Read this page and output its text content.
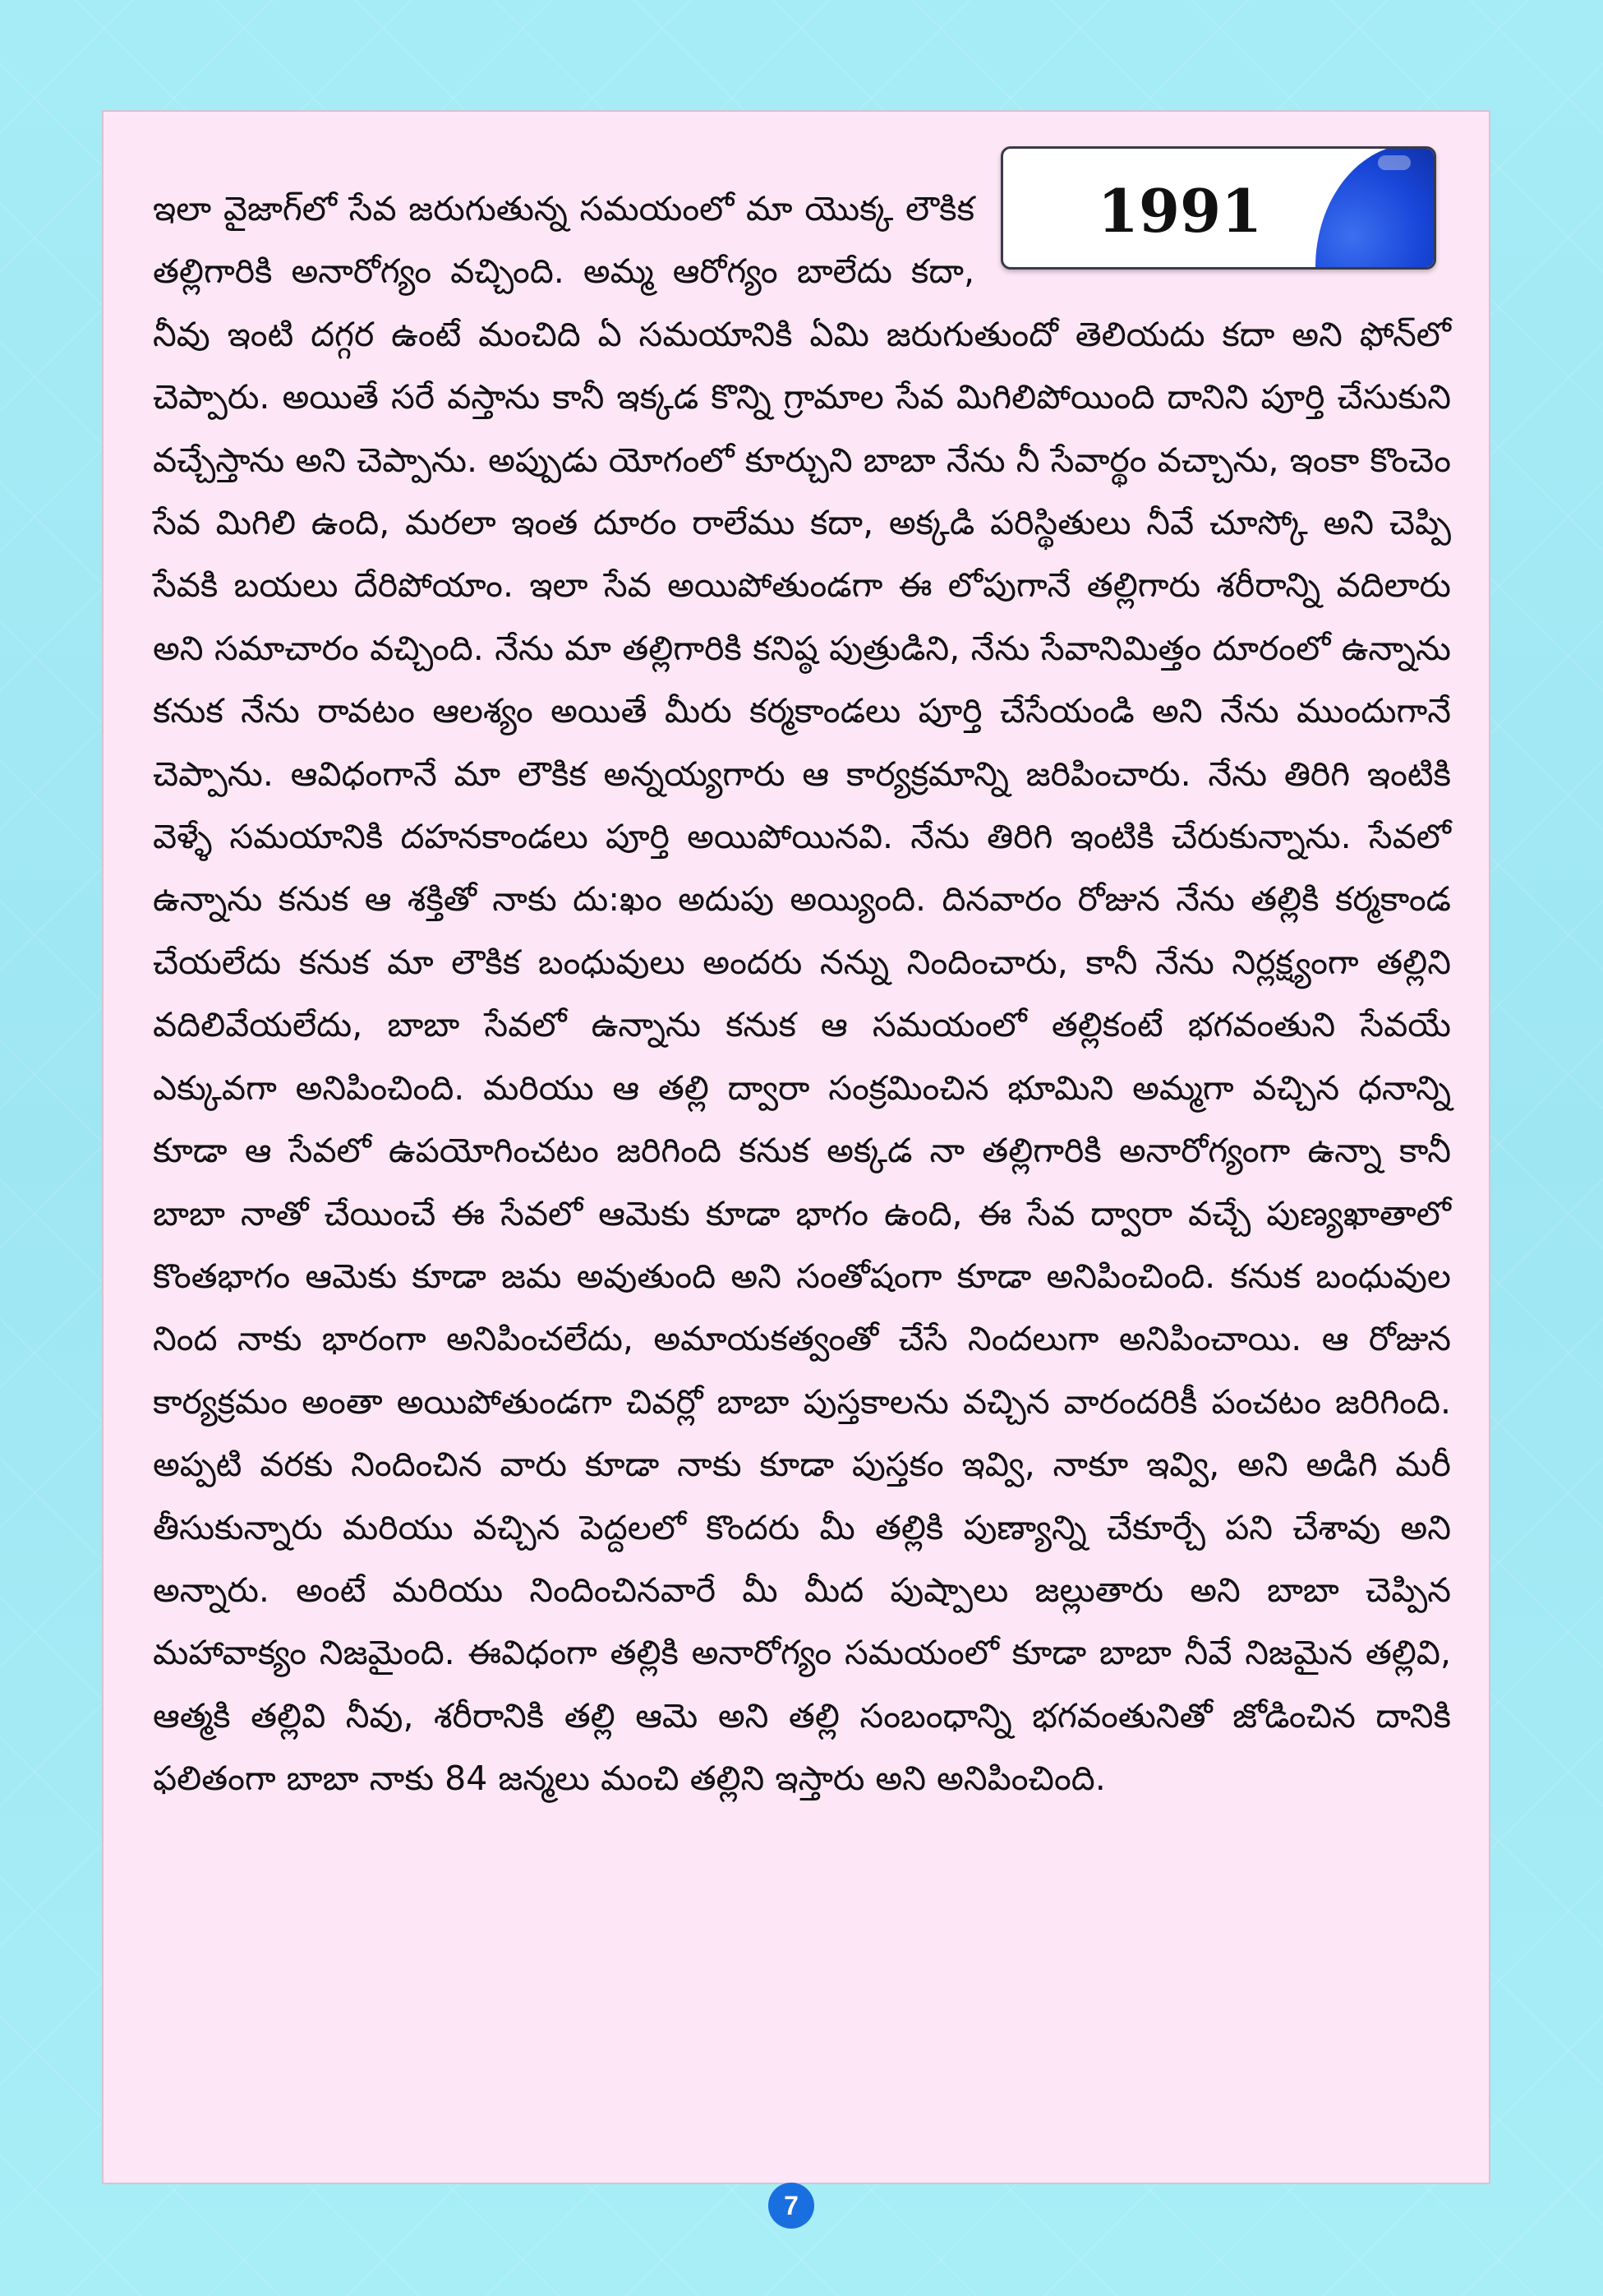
1991

ఇలా వైజాగ్‌లో సేవ జరుగుతున్న సమయంలో మా యొక్క లౌకిక తల్లిగారికి అనారోగ్యం వచ్చింది. అమ్మ ఆరోగ్యం బాలేదు కదా, నీవు ఇంటి దగ్గర ఉంటే మంచిది ఏ సమయానికి ఏమి జరుగుతుందో తెలియదు కదా అని ఫోన్‌లో చెప్పారు. అయితే సరే వస్తాను కానీ ఇక్కడ కొన్ని గ్రామాల సేవ మిగిలిపోయింది దానిని పూర్తి చేసుకుని వచ్చేస్తాను అని చెప్పాను. అప్పుడు యోగంలో కూర్చుని బాబా నేను నీ సేవార్థం వచ్చాను, ఇంకా కొంచెం సేవ మిగిలి ఉంది, మరలా ఇంత దూరం రాలేము కదా, అక్కడి పరిస్థితులు నీవే చూస్కో అని చెప్పి సేవకి బయలు దేరిపోయాం. ఇలా సేవ అయిపోతుండగా ఈ లోపుగానే తల్లిగారు శరీరాన్ని వదిలారు అని సమాచారం వచ్చింది. నేను మా తల్లిగారికి కనిష్ఠ పుత్రుడిని, నేను సేవానిమిత్తం దూరంలో ఉన్నాను కనుక నేను రావటం ఆలశ్యం అయితే మీరు కర్మకాండలు పూర్తి చేసేయండి అని నేను ముందుగానే చెప్పాను. ఆవిధంగానే మా లౌకిక అన్నయ్యగారు ఆ కార్యక్రమాన్ని జరిపించారు. నేను తిరిగి ఇంటికి వెళ్ళే సమయానికి దహనకాండలు పూర్తి అయిపోయినవి. నేను తిరిగి ఇంటికి చేరుకున్నాను. సేవలో ఉన్నాను కనుక ఆ శక్తితో నాకు దు:ఖం అదుపు అయ్యింది. దినవారం రోజున నేను తల్లికి కర్మకాండ చేయలేదు కనుక మా లౌకిక బంధువులు అందరు నన్ను నిందించారు, కానీ నేను నిర్లక్ష్యంగా తల్లిని వదిలివేయలేదు, బాబా సేవలో ఉన్నాను కనుక ఆ సమయంలో తల్లికంటే భగవంతుని సేవయే ఎక్కువగా అనిపించింది. మరియు ఆ తల్లి ద్వారా సంక్రమించిన భూమిని అమ్మగా వచ్చిన ధనాన్ని కూడా ఆ సేవలో ఉపయోగించటం జరిగింది కనుక అక్కడ నా తల్లిగారికి అనారోగ్యంగా ఉన్నా కానీ బాబా నాతో చేయించే ఈ సేవలో ఆమెకు కూడా భాగం ఉంది, ఈ సేవ ద్వారా వచ్చే పుణ్యఖాతాలో కొంతభాగం ఆమెకు కూడా జమ అవుతుంది అని సంతోషంగా కూడా అనిపించింది. కనుక బంధువుల నింద నాకు భారంగా అనిపించలేదు, అమాయకత్వంతో చేసే నిందలుగా అనిపించాయి. ఆ రోజున కార్యక్రమం అంతా అయిపోతుండగా చివర్లో బాబా పుస్తకాలను వచ్చిన వారందరికీ పంచటం జరిగింది. అప్పటి వరకు నిందించిన వారు కూడా నాకు కూడా పుస్తకం ఇవ్వి, నాకూ ఇవ్వి, అని అడిగి మరీ తీసుకున్నారు మరియు వచ్చిన పెద్దలలో కొందరు మీ తల్లికి పుణ్యాన్ని చేకూర్చే పని చేశావు అని అన్నారు. అంటే మరియు నిందించినవారే మీ మీద పుష్పాలు జల్లుతారు అని బాబా చెప్పిన మహావాక్యం నిజమైంది. ఈవిధంగా తల్లికి అనారోగ్యం సమయంలో కూడా బాబా నీవే నిజమైన తల్లివి, ఆత్మకి తల్లివి నీవు, శరీరానికి తల్లి ఆమె అని తల్లి సంబంధాన్ని భగవంతునితో జోడించిన దానికి ఫలితంగా బాబా నాకు 84 జన్మలు మంచి తల్లిని ఇస్తారు అని అనిపించింది.

7
